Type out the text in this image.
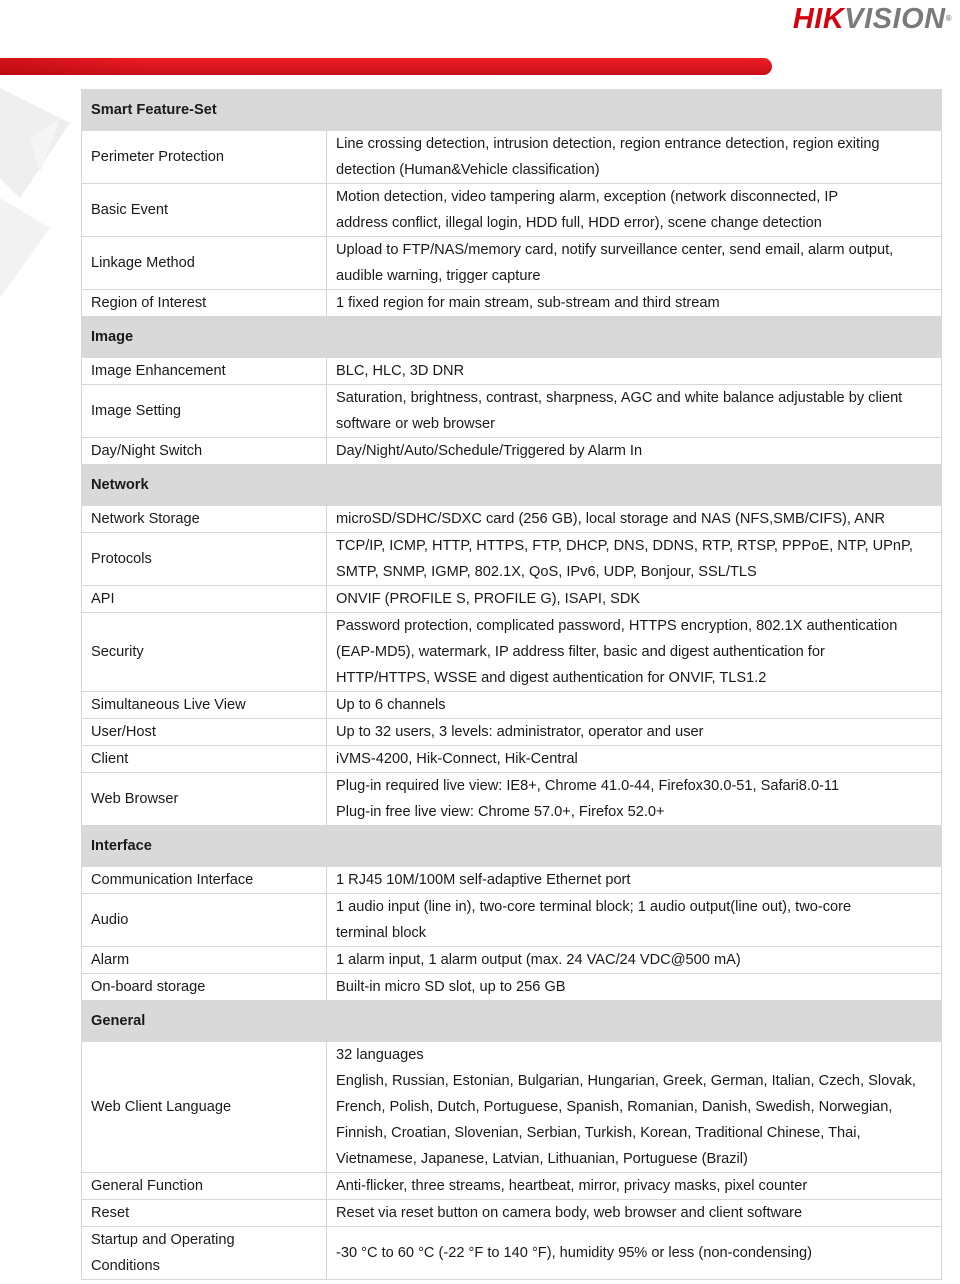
HIKVISION®
Smart Feature-Set	
Perimeter Protection	Line crossing detection, intrusion detection, region entrance detection, region exiting
detection (Human&Vehicle classification)

Basic Event	Motion detection, video tampering alarm, exception (network disconnected, IP
address conflict, illegal login, HDD full, HDD error), scene change detection

Linkage Method	Upload to FTP/NAS/memory card, notify surveillance center, send email, alarm output,
audible warning, trigger capture

Region of Interest	1 fixed region for main stream, sub-stream and third stream

Image	
Image Enhancement	BLC, HLC, 3D DNR

Image Setting	Saturation, brightness, contrast, sharpness, AGC and white balance adjustable by client
software or web browser

Day/Night Switch	Day/Night/Auto/Schedule/Triggered by Alarm In

Network	
Network Storage	microSD/SDHC/SDXC card (256 GB), local storage and NAS (NFS,SMB/CIFS), ANR

Protocols	TCP/IP, ICMP, HTTP, HTTPS, FTP, DHCP, DNS, DDNS, RTP, RTSP, PPPoE, NTP, UPnP,
SMTP, SNMP, IGMP, 802.1X, QoS, IPv6, UDP, Bonjour, SSL/TLS

API	ONVIF (PROFILE S, PROFILE G), ISAPI, SDK

Security	Password protection, complicated password, HTTPS encryption, 802.1X authentication
(EAP-MD5), watermark, IP address filter, basic and digest authentication for
HTTP/HTTPS, WSSE and digest authentication for ONVIF, TLS1.2

Simultaneous Live View	Up to 6 channels

User/Host	Up to 32 users, 3 levels: administrator, operator and user

Client	iVMS-4200, Hik-Connect, Hik-Central

Web Browser	Plug-in required live view: IE8+, Chrome 41.0-44, Firefox30.0-51, Safari8.0-11
Plug-in free live view: Chrome 57.0+, Firefox 52.0+

Interface	
Communication Interface	1 RJ45 10M/100M self-adaptive Ethernet port

Audio	1 audio input (line in), two-core terminal block; 1 audio output(line out), two-core
terminal block

Alarm	1 alarm input, 1 alarm output (max. 24 VAC/24 VDC@500 mA)

On-board storage	Built-in micro SD slot, up to 256 GB

General	
Web Client Language	32 languages
English, Russian, Estonian, Bulgarian, Hungarian, Greek, German, Italian, Czech, Slovak,
French, Polish, Dutch, Portuguese, Spanish, Romanian, Danish, Swedish, Norwegian,
Finnish, Croatian, Slovenian, Serbian, Turkish, Korean, Traditional Chinese, Thai,
Vietnamese, Japanese, Latvian, Lithuanian, Portuguese (Brazil)

General Function	Anti-flicker, three streams, heartbeat, mirror, privacy masks, pixel counter

Reset	Reset via reset button on camera body, web browser and client software

Startup and Operating
Conditions	-30 °C to 60 °C (-22 °F to 140 °F), humidity 95% or less (non-condensing)
